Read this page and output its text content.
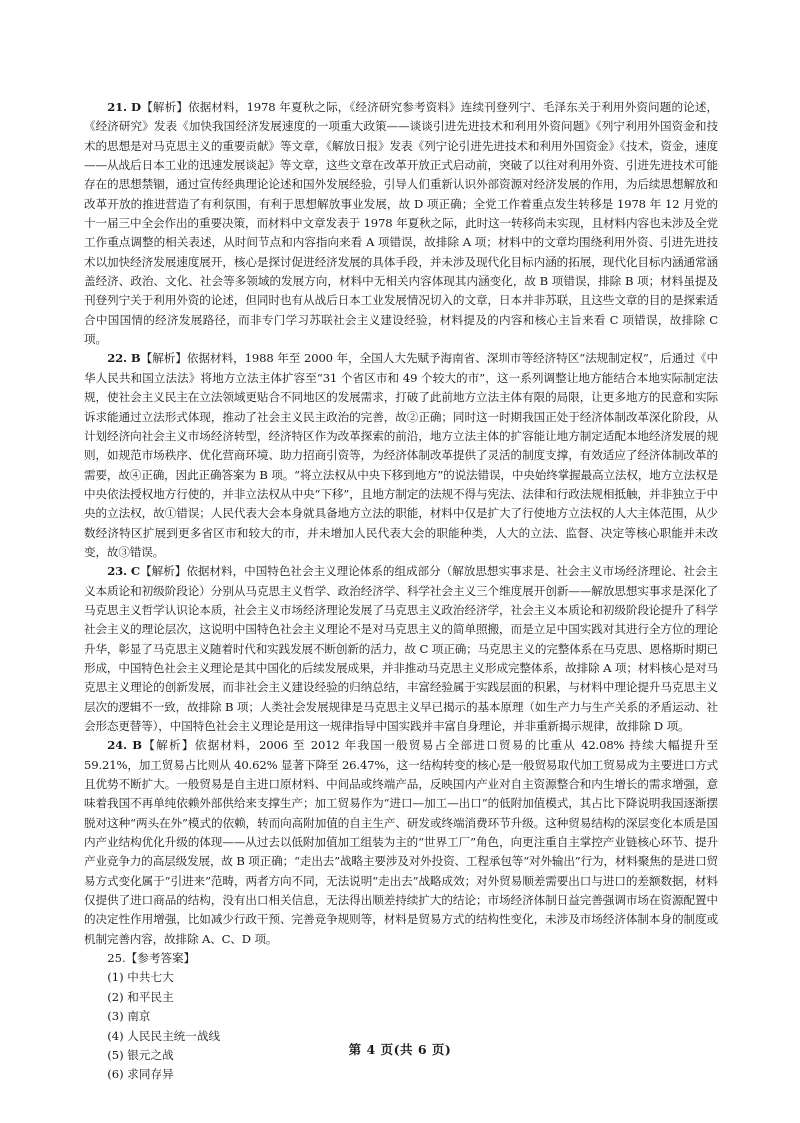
21. D【解析】依据材料，1978 年夏秋之际，《经济研究参考资料》连续刊登列宁、毛泽东关于利用外资问题的论述，《经济研究》发表《加快我国经济发展速度的一项重大政策——谈谈引进先进技术和利用外资问题》《列宁利用外国资金和技术的思想是对马克思主义的重要贡献》等文章，《解放日报》发表《列宁论引进先进技术和利用外国资金》《技术，资金，速度——从战后日本工业的迅速发展谈起》等文章，这些文章在改革开放正式启动前，突破了以往对利用外资、引进先进技术可能存在的思想禁锢，通过宣传经典理论论述和国外发展经验，引导人们重新认识外部资源对经济发展的作用，为后续思想解放和改革开放的推进营造了有利氛围，有利于思想解放事业发展，故 D 项正确；全党工作着重点发生转移是 1978 年 12 月党的十一届三中全会作出的重要决策，而材料中文章发表于 1978 年夏秋之际，此时这一转移尚未实现，且材料内容也未涉及全党工作重点调整的相关表述，从时间节点和内容指向来看 A 项错误，故排除 A 项；材料中的文章均围绕利用外资、引进先进技术以加快经济发展速度展开，核心是探讨促进经济发展的具体手段，并未涉及现代化目标内涵的拓展，现代化目标内涵通常涵盖经济、政治、文化、社会等多领域的发展方向，材料中无相关内容体现其内涵变化，故 B 项错误，排除 B 项；材料虽提及刊登列宁关于利用外资的论述，但同时也有从战后日本工业发展情况切入的文章，日本并非苏联，且这些文章的目的是探索适合中国国情的经济发展路径，而非专门学习苏联社会主义建设经验，材料提及的内容和核心主旨来看 C 项错误，故排除 C 项。

22. B【解析】依据材料，1988 年至 2000 年，全国人大先赋予海南省、深圳市等经济特区“法规制定权”，后通过《中华人民共和国立法法》将地方立法主体扩容至“31 个省区市和 49 个较大的市”，这一系列调整让地方能结合本地实际制定法规，使社会主义民主在立法领域更贴合不同地区的发展需求，打破了此前地方立法主体有限的局限，让更多地方的民意和实际诉求能通过立法形式体现，推动了社会主义民主政治的完善，故②正确；同时这一时期我国正处于经济体制改革深化阶段，从计划经济向社会主义市场经济转型，经济特区作为改革探索的前沿，地方立法主体的扩容能让地方制定适配本地经济发展的规则，如规范市场秩序、优化营商环境、助力招商引资等，为经济体制改革提供了灵活的制度支撑，有效适应了经济体制改革的需要，故④正确，因此正确答案为 B 项。“将立法权从中央下移到地方”的说法错误，中央始终掌握最高立法权，地方立法权是中央依法授权地方行使的，并非立法权从中央“下移”，且地方制定的法规不得与宪法、法律和行政法规相抵触，并非独立于中央的立法权，故①错误；人民代表大会本身就具备地方立法的职能，材料中仅是扩大了行使地方立法权的人大主体范围，从少数经济特区扩展到更多省区市和较大的市，并未增加人民代表大会的职能种类，人大的立法、监督、决定等核心职能并未改变，故③错误。

23. C【解析】依据材料，中国特色社会主义理论体系的组成部分（解放思想实事求是、社会主义市场经济理论、社会主义本质论和初级阶段论）分别从马克思主义哲学、政治经济学、科学社会主义三个维度展开创新——解放思想实事求是深化了马克思主义哲学认识论本质，社会主义市场经济理论发展了马克思主义政治经济学，社会主义本质论和初级阶段论提升了科学社会主义的理论层次，这说明中国特色社会主义理论不是对马克思主义的简单照搬，而是立足中国实践对其进行全方位的理论升华，彰显了马克思主义随着时代和实践发展不断创新的活力，故 C 项正确；马克思主义的完整体系在马克思、恩格斯时期已形成，中国特色社会主义理论是其中国化的后续发展成果，并非推动马克思主义形成完整体系，故排除 A 项；材料核心是对马克思主义理论的创新发展，而非社会主义建设经验的归纳总结，丰富经验属于实践层面的积累，与材料中理论提升马克思主义层次的逻辑不一致，故排除 B 项；人类社会发展规律是马克思主义早已揭示的基本原理（如生产力与生产关系的矛盾运动、社会形态更替等），中国特色社会主义理论是用这一规律指导中国实践并丰富自身理论，并非重新揭示规律，故排除 D 项。

24. B【解析】依据材料，2006 至 2012 年我国一般贸易占全部进口贸易的比重从 42.08% 持续大幅提升至 59.21%，加工贸易占比则从 40.62% 显著下降至 26.47%，这一结构转变的核心是一般贸易取代加工贸易成为主要进口方式且优势不断扩大。一般贸易是自主进口原材料、中间品或终端产品，反映国内产业对自主资源整合和内生增长的需求增强，意味着我国不再单纯依赖外部供给来支撑生产；加工贸易作为“进口—加工—出口”的低附加值模式，其占比下降说明我国逐渐摆脱对这种“两头在外”模式的依赖，转而向高附加值的自主生产、研发或终端消费环节升级。这种贸易结构的深层变化本质是国内产业结构优化升级的体现——从过去以低附加值加工组装为主的“世界工厂”角色，向更注重自主掌控产业链核心环节、提升产业竞争力的高层级发展，故 B 项正确；“走出去”战略主要涉及对外投资、工程承包等“对外输出”行为，材料聚焦的是进口贸易方式变化属于“引进来”范畴，两者方向不同，无法说明“走出去”战略成效；对外贸易顺差需要出口与进口的差额数据，材料仅提供了进口商品的结构，没有出口相关信息，无法得出顺差持续扩大的结论；市场经济体制日益完善强调市场在资源配置中的决定性作用增强，比如减少行政干预、完善竞争规则等，材料是贸易方式的结构性变化，未涉及市场经济体制本身的制度或机制完善内容，故排除 A、C、D 项。

25.【参考答案】

(1) 中共七大
(2) 和平民主
(3) 南京
(4) 人民民主统一战线
(5) 银元之战
(6) 求同存异
第 4 页(共 6 页)
